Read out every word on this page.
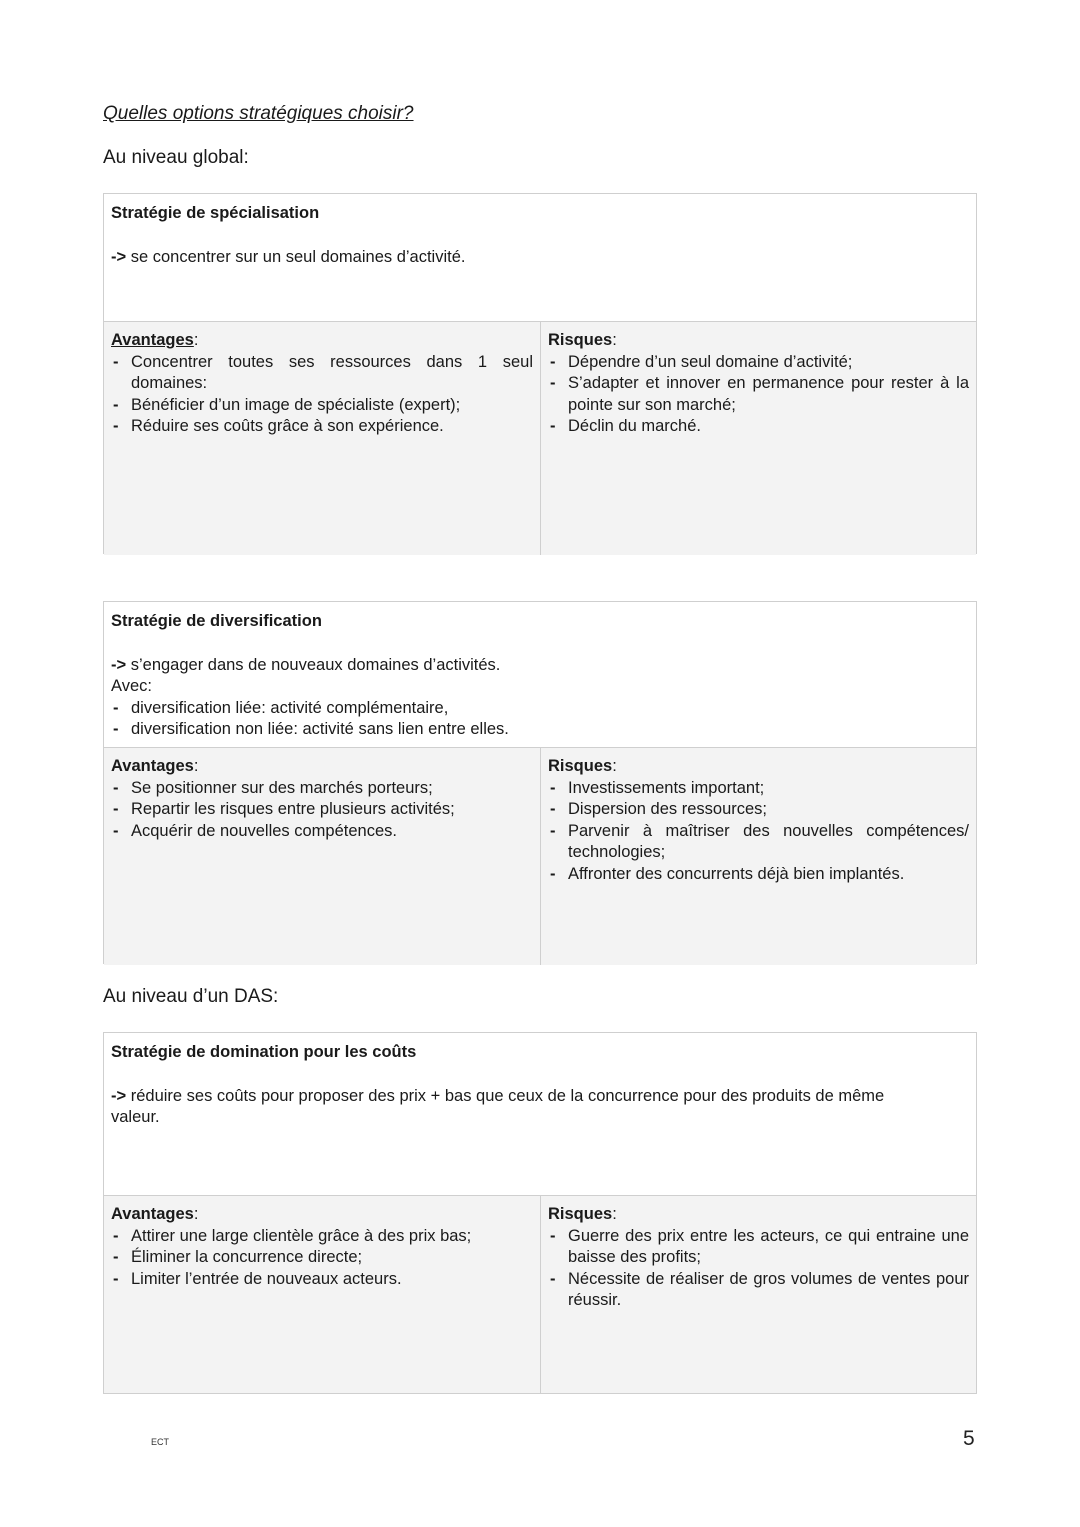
Quelles options stratégiques choisir?
Au niveau global:
Stratégie de spécialisation
-> se concentrer sur un seul domaines d’activité.
Avantages:
- Concentrer toutes ses ressources dans 1 seul domaines:
- Bénéficier d’un image de spécialiste (expert);
- Réduire ses coûts grâce à son expérience.
Risques:
- Dépendre d’un seul domaine d’activité;
- S’adapter et innover en permanence pour rester à la pointe sur son marché;
- Déclin du marché.
Stratégie de diversification
-> s’engager dans de nouveaux domaines d’activités.
Avec:
- diversification liée: activité complémentaire,
- diversification non liée: activité sans lien entre elles.
Avantages:
- Se positionner sur des marchés porteurs;
- Repartir les risques entre plusieurs activités;
- Acquérir de nouvelles compétences.
Risques:
- Investissements important;
- Dispersion des ressources;
- Parvenir à maîtriser des nouvelles compétences/ technologies;
- Affronter des concurrents déjà bien implantés.
Au niveau d’un DAS:
Stratégie de domination pour les coûts
-> réduire ses coûts pour proposer des prix + bas que ceux de la concurrence pour des produits de même valeur.
Avantages:
- Attirer une large clientèle grâce à des prix bas;
- Éliminer la concurrence directe;
- Limiter l’entrée de nouveaux acteurs.
Risques:
- Guerre des prix entre les acteurs, ce qui entraine une baisse des profits;
- Nécessite de réaliser de gros volumes de ventes pour réussir.
ECT	5
